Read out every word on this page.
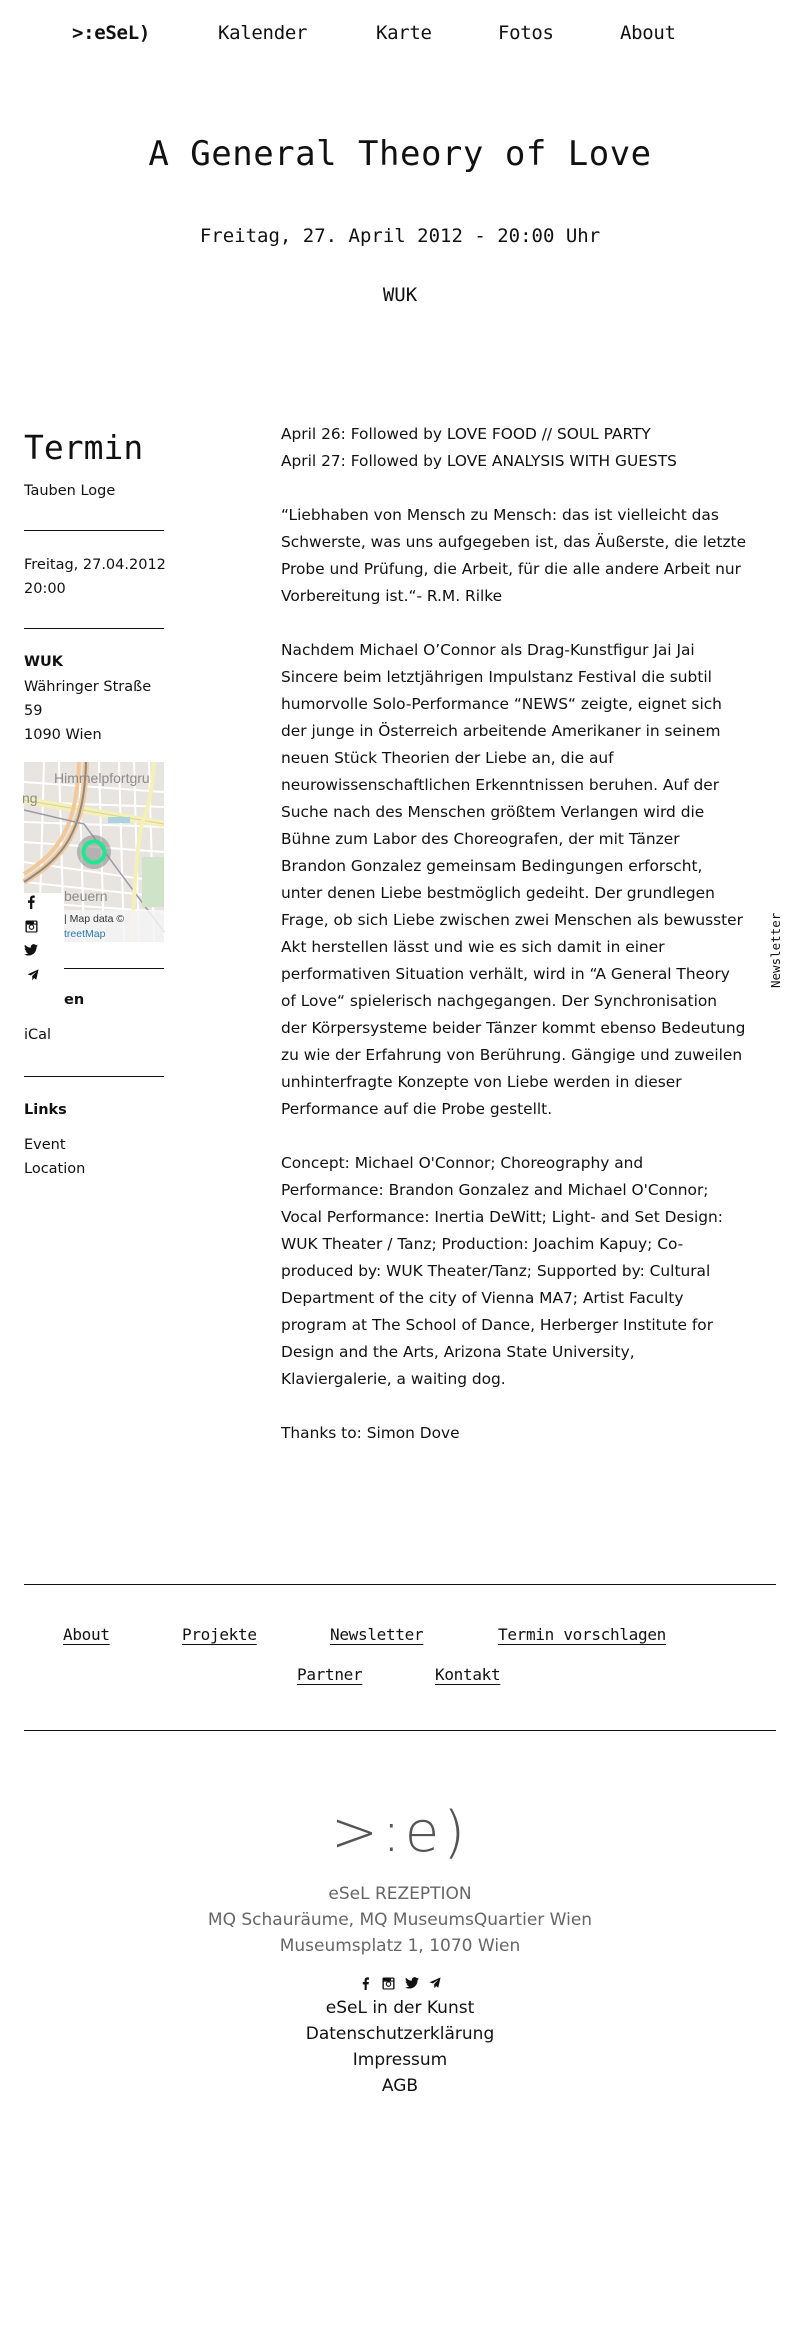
>:eSeL)	Kalender	Karte	Fotos	About
A General Theory of Love
Freitag, 27. April 2012 - 20:00 Uhr
WUK
Termin
Tauben Loge
Freitag, 27.04.2012
20:00
WUK
Währinger Straße
59
1090 Wien
Himmelpfortgru
ng
beuern
| Map data ©
treetMap
en
iCal
Links
Event
Location

April 26: Followed by LOVE FOOD // SOUL PARTY
April 27: Followed by LOVE ANALYSIS WITH GUESTS

“Liebhaben von Mensch zu Mensch: das ist vielleicht das Schwerste, was uns aufgegeben ist, das Äußerste, die letzte Probe und Prüfung, die Arbeit, für die alle andere Arbeit nur Vorbereitung ist.“- R.M. Rilke

Nachdem Michael O’Connor als Drag-Kunstfigur Jai Jai Sincere beim letztjährigen Impulstanz Festival die subtil humorvolle Solo-Performance “NEWS“ zeigte, eignet sich der junge in Österreich arbeitende Amerikaner in seinem neuen Stück Theorien der Liebe an, die auf neurowissenschaftlichen Erkenntnissen beruhen. Auf der Suche nach des Menschen größtem Verlangen wird die Bühne zum Labor des Choreografen, der mit Tänzer Brandon Gonzalez gemeinsam Bedingungen erforscht, unter denen Liebe bestmöglich gedeiht. Der grundlegen Frage, ob sich Liebe zwischen zwei Menschen als bewusster Akt herstellen lässt und wie es sich damit in einer performativen Situation verhält, wird in “A General Theory of Love“ spielerisch nachgegangen. Der Synchronisation der Körpersysteme beider Tänzer kommt ebenso Bedeutung zu wie der Erfahrung von Berührung. Gängige und zuweilen unhinterfragte Konzepte von Liebe werden in dieser Performance auf die Probe gestellt.

Concept: Michael O'Connor; Choreography and Performance: Brandon Gonzalez and Michael O'Connor; Vocal Performance: Inertia DeWitt; Light- and Set Design: WUK Theater / Tanz; Production: Joachim Kapuy; Co-produced by: WUK Theater/Tanz; Supported by: Cultural Department of the city of Vienna MA7; Artist Faculty program at The School of Dance, Herberger Institute for Design and the Arts, Arizona State University, Klaviergalerie, a waiting dog.

Thanks to: Simon Dove

Newsletter
About	Projekte	Newsletter	Termin vorschlagen
Partner	Kontakt
>:e)
eSeL REZEPTION
MQ Schauräume, MQ MuseumsQuartier Wien
Museumsplatz 1, 1070 Wien
eSeL in der Kunst
Datenschutzerklärung
Impressum
AGB
